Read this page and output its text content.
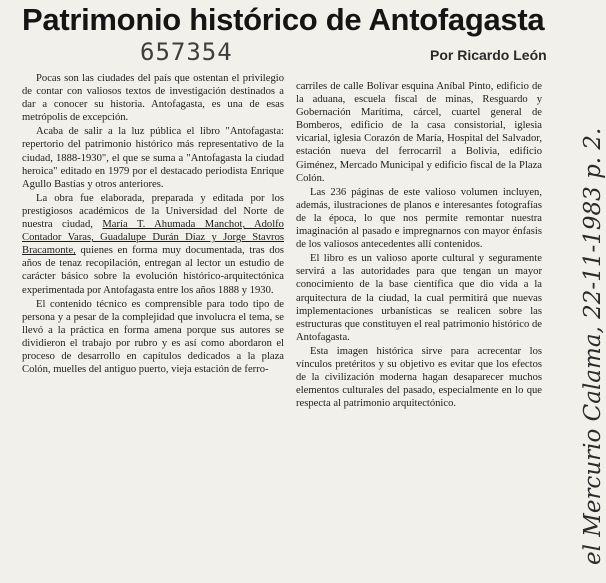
Patrimonio histórico de Antofagasta
657354	Por Ricardo León

Pocas son las ciudades del país que ostentan el privilegio de contar con valiosos textos de investigación destinados a dar a conocer su historia. Antofagasta, es una de esas metrópolis de excepción.

Acaba de salir a la luz pública el libro "Antofagasta: repertorio del patrimonio histórico más representativo de la ciudad, 1888-1930", el que se suma a "Antofagasta la ciudad heroica" editado en 1979 por el destacado periodista Enrique Agullo Bastías y otros anteriores.

La obra fue elaborada, preparada y editada por los prestigiosos académicos de la Universidad del Norte de nuestra ciudad, María T. Ahumada Manchot, Adolfo Contador Varas, Guadalupe Durán Díaz y Jorge Stavros Bracamonte, quienes en forma muy documentada, tras dos años de tenaz recopilación, entregan al lector un estudio de carácter básico sobre la evolución histórico-arquitectónica experimentada por Antofagasta entre los años 1888 y 1930.

El contenido técnico es comprensible para todo tipo de persona y a pesar de la complejidad que involucra el tema, se llevó a la práctica en forma amena porque sus autores se dividieron el trabajo por rubro y es así como abordaron el proceso de desarrollo en capítulos dedicados a la plaza Colón, muelles del antiguo puerto, vieja estación de ferro-

carriles de calle Bolívar esquina Aníbal Pinto, edificio de la aduana, escuela fiscal de minas, Resguardo y Gobernación Marítima, cárcel, cuartel general de Bomberos, edificio de la casa consistorial, iglesia vicarial, iglesia Corazón de María, Hospital del Salvador, estación nueva del ferrocarril a Bolivia, edificio Giménez, Mercado Municipal y edificio fiscal de la Plaza Colón.

Las 236 páginas de este valioso volumen incluyen, además, ilustraciones de planos e interesantes fotografías de la época, lo que nos permite remontar nuestra imaginación al pasado e impregnarnos con mayor énfasis de los valiosos antecedentes allí contenidos.

El libro es un valioso aporte cultural y seguramente servirá a las autoridades para que tengan un mayor conocimiento de la base científica que dio vida a la arquitectura de la ciudad, la cual permitirá que nuevas implementaciones urbanísticas se realicen sobre las estructuras que constituyen el real patrimonio histórico de Antofagasta.

Esta imagen histórica sirve para acrecentar los vínculos pretéritos y su objetivo es evitar que los efectos de la civilización moderna hagan desaparecer muchos elementos culturales del pasado, especialmente en lo que respecta al patrimonio arquitectónico.	el Mercurio Calama, 22-11-1983 p. 2.
